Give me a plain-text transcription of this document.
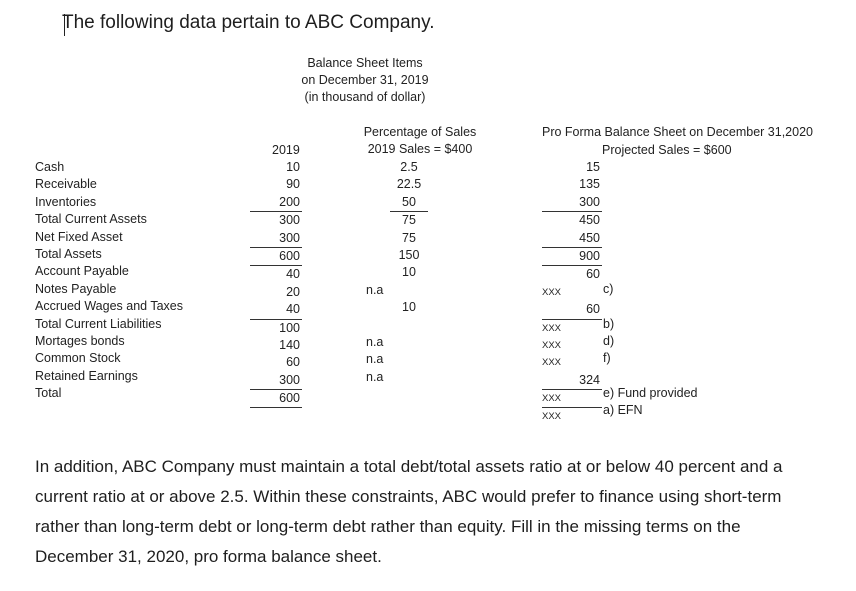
The following data pertain to ABC Company.
Balance Sheet Items
on December 31, 2019
(in thousand of dollar)
2019
Percentage of Sales
2019 Sales = $400
Pro Forma Balance Sheet on December 31,2020
Projected Sales = $600
Cash
Receivable
Inventories
Total Current Assets
Net Fixed Asset
Total Assets
Account Payable
Notes Payable
Accrued Wages and Taxes
Total Current Liabilities
Mortages bonds
Common Stock
Retained Earnings
Total
10
90
200
300
300
600
40
20
40
100
140
60
300
600
2.5
22.5
50
75
75
150
10
n.a
10
n.a
n.a
n.a
15
135
300
450
450
900
60
XXX
60
XXX
XXX
XXX
324
XXX
XXX
c)
b)
d)
f)
e) Fund provided
a) EFN

In addition, ABC Company must maintain a total debt/total assets ratio at or below 40 percent and a current ratio at or above 2.5. Within these constraints, ABC would prefer to finance using short-term rather than long-term debt or long-term debt rather than equity. Fill in the missing terms on the December 31, 2020, pro forma balance sheet.
